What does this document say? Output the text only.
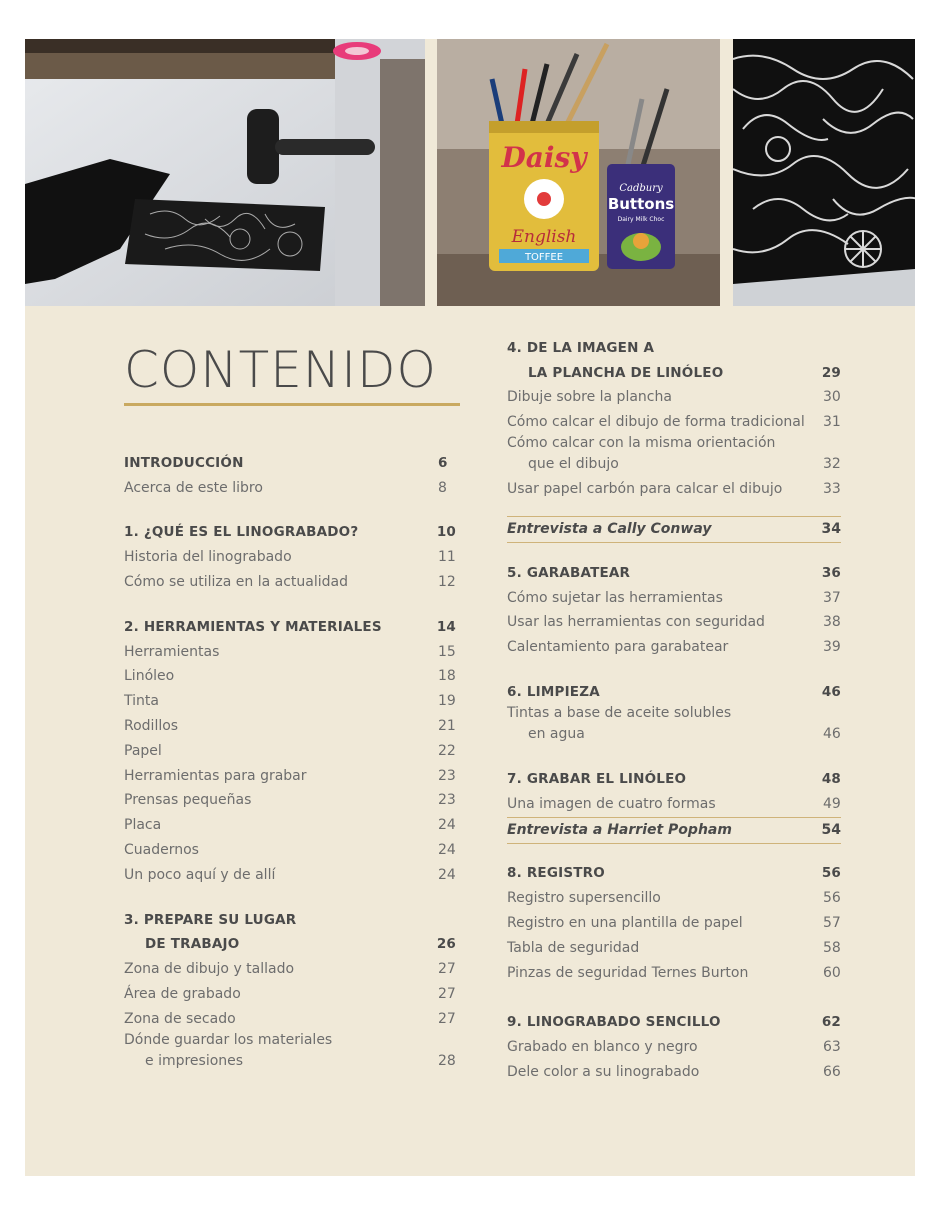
Daisy
English
TOFFEE
Cadbury
Buttons
Dairy Milk Choc
CONTENIDO
INTRODUCCIÓN	6
Acerca de este libro	8
1. ¿QUÉ ES EL LINOGRABADO?	10
Historia del linograbado	11
Cómo se utiliza en la actualidad	12
2. HERRAMIENTAS Y MATERIALES	14
Herramientas	15
Linóleo	18
Tinta	19
Rodillos	21
Papel	22
Herramientas para grabar	23
Prensas pequeñas	23
Placa	24
Cuadernos	24
Un poco aquí y de allí	24
3. PREPARE SU LUGAR
DE TRABAJO	26
Zona de dibujo y tallado	27
Área de grabado	27
Zona de secado	27
Dónde guardar los materiales
e impresiones	28
4. DE LA IMAGEN A
LA PLANCHA DE LINÓLEO	29
Dibuje sobre la plancha	30
Cómo calcar el dibujo de forma tradicional	31
Cómo calcar con la misma orientación
que el dibujo	32
Usar papel carbón para calcar el dibujo	33
Entrevista a Cally Conway	34
5. GARABATEAR	36
Cómo sujetar las herramientas	37
Usar las herramientas con seguridad	38
Calentamiento para garabatear	39
6. LIMPIEZA	46
Tintas a base de aceite solubles
en agua	46
7. GRABAR EL LINÓLEO	48
Una imagen de cuatro formas	49
Entrevista a Harriet Popham	54
8. REGISTRO	56
Registro supersencillo	56
Registro en una plantilla de papel	57
Tabla de seguridad	58
Pinzas de seguridad Ternes Burton	60
9. LINOGRABADO SENCILLO	62
Grabado en blanco y negro	63
Dele color a su linograbado	66
